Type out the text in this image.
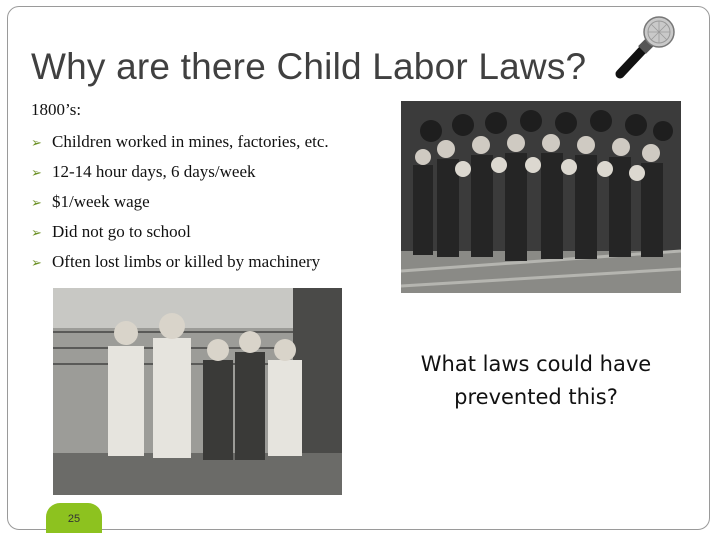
Why are there Child Labor Laws?
1800’s:
➢ Children worked in mines, factories, etc.
➢ 12-14 hour days, 6 days/week
➢ $1/week wage
➢ Did not go to school
➢ Often lost limbs or killed by machinery
What laws could have
prevented this?
25
